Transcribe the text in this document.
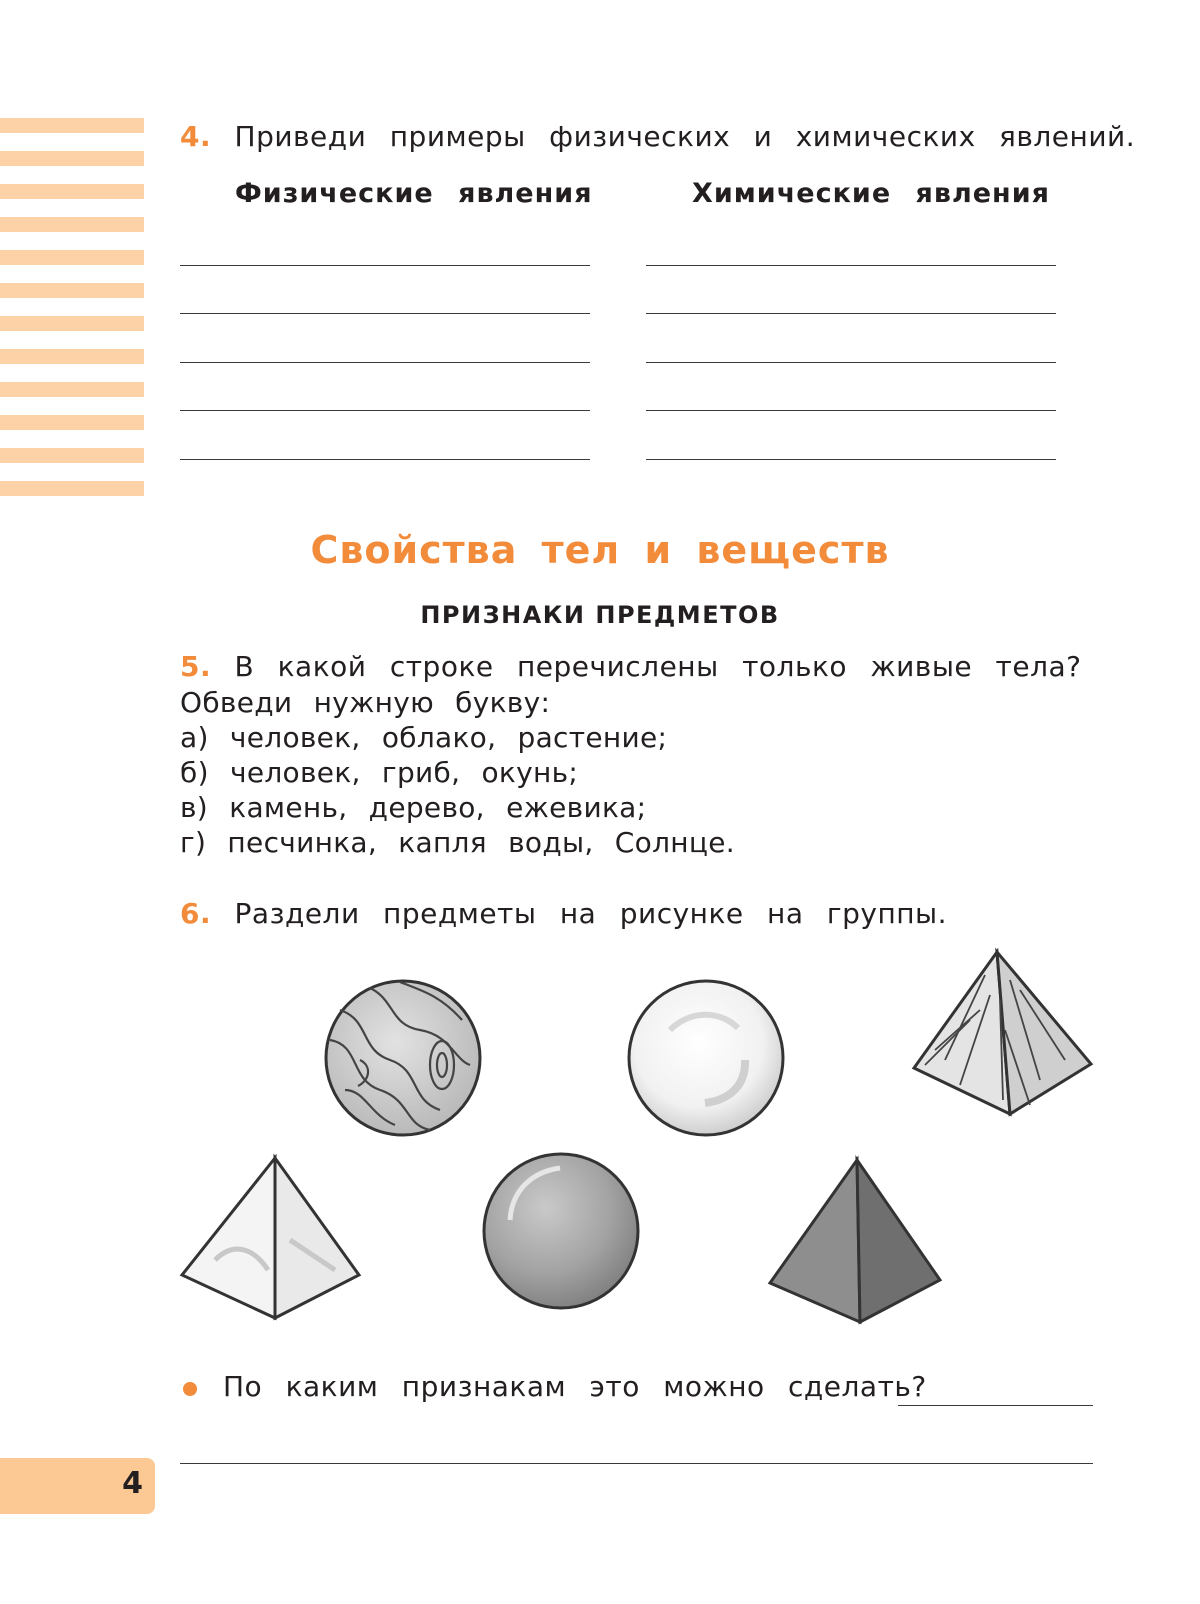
4. Приведи примеры физических и химических явлений.
Физические явления	Химические явления
Свойства тел и веществ
ПРИЗНАКИ ПРЕДМЕТОВ
5. В какой строке перечислены только живые тела?
Обведи нужную букву:
а) человек, облако, растение;
б) человек, гриб, окунь;
в) камень, дерево, ежевика;
г) песчинка, капля воды, Солнце.
6. Раздели предметы на рисунке на группы.
По каким признакам это можно сделать?
4
